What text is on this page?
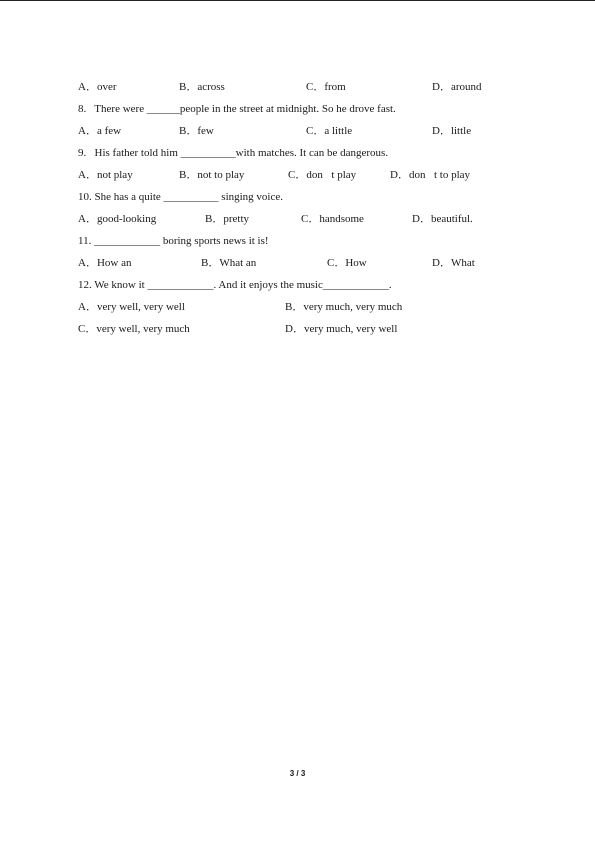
A．over	B．across	C．from	D．around
8.   There were ______people in the street at midnight. So he drove fast.
A．a few	B．few	C．a little	D．little
9.   His father told him __________with matches. It can be dangerous.
A．not play	B．not to play	C．don t play	D．don t to play
10. She has a quite __________ singing voice.
A．good-looking	B．pretty	C．handsome	D．beautiful.
11. ____________ boring sports news it is!
A．How an	B．What an	C．How	D．What
12. We know it ____________. And it enjoys the music____________.
A．very well, very well	B．very much, very much
C．very well, very much	D．very much, very well
3 / 3
